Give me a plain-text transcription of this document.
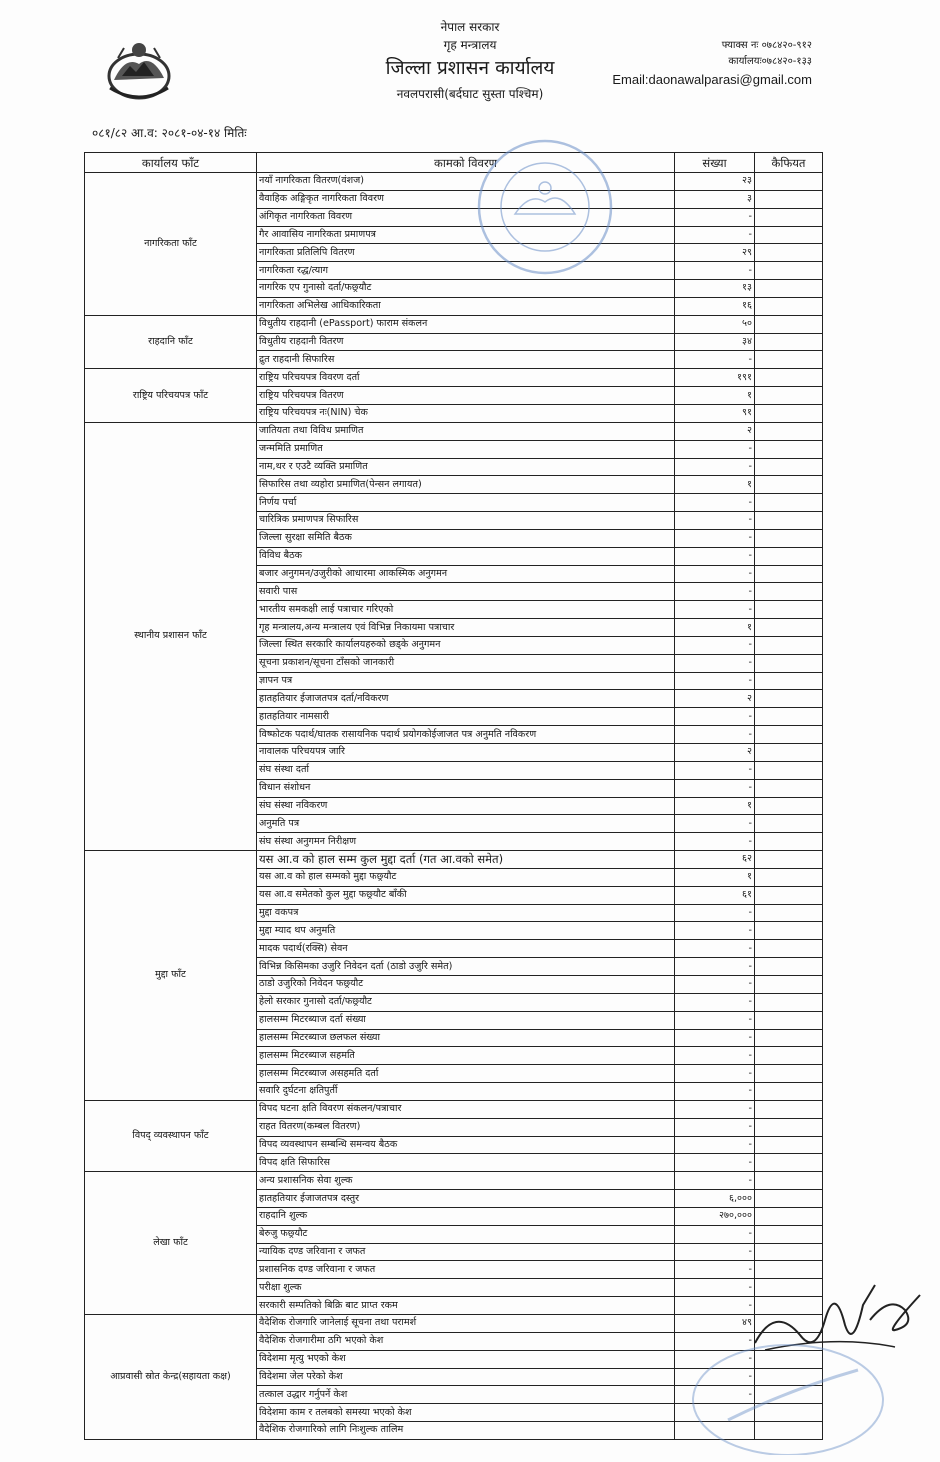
नेपाल सरकार
गृह मन्त्रालय
जिल्ला प्रशासन कार्यालय
नवलपरासी(बर्दघाट सुस्ता पश्चिम)
फ्याक्स नः ०७८४२०-९१२
कार्यालयः०७८४२०-१३३
Email:daonawalparasi@gmail.com
०८१/८२ आ.व: २०८१-०४-१४ मितिः
कार्यालय फाँट	कामको विवरण	संख्या	कैफियत
नागरिकता फाँट	नयाँ नागरिकता वितरण(वंशज)	२३	
	वैवाहिक अङ्गिकृत नागरिकता विवरण	३	
	अंगिकृत नागरिकता विवरण	-	
	गैर आवासिय नागरिकता प्रमाणपत्र	-	
	नागरिकता प्रतिलिपि वितरण	२९	
	नागरिकता रद्ध/त्याग	-	
	नागरिक एप गुनासो दर्ता/फछ्र्यौट	१३	
	नागरिकता अभिलेख आधिकारिकता	१६	
राहदानि फाँट	विधुतीय राहदानी (ePassport) फाराम संकलन	५०	
	विधुतीय राहदानी वितरण	३४	
	द्रुत राहदानी सिफारिस	-	
राष्ट्रिय परिचयपत्र फाँट	राष्ट्रिय परिचयपत्र विवरण दर्ता	१९१	
	राष्ट्रिय परिचयपत्र वितरण	१	
	राष्ट्रिय परिचयपत्र नः(NIN) चेक	९१	
स्थानीय प्रशासन फाँट	जातियता तथा विविध प्रमाणित	२	
	जन्ममिति प्रमाणित	-	
	नाम,थर र एउटै व्यक्ति प्रमाणित	-	
	सिफारिस तथा व्यहोरा प्रमाणित(पेन्सन लगायत)	१	
	निर्णय पर्चा	-	
	चारित्रिक प्रमाणपत्र सिफारिस	-	
	जिल्ला सुरक्षा समिति बैठक	-	
	विविध बैठक	-	
	बजार अनुगमन/उजुरीको आधारमा आकस्मिक अनुगमन	-	
	सवारी पास	-	
	भारतीय समकक्षी लाई पत्राचार गरिएको	-	
	गृह मन्त्रालय,अन्य मन्त्रालय एवं विभिन्न निकायमा पत्राचार	१	
	जिल्ला स्थित सरकारि कार्यालयहरुको छड्के अनुगमन	-	
	सूचना प्रकाशन/सूचना टाँसको जानकारी	-	
	ज्ञापन पत्र	-	
	हातहतियार ईजाजतपत्र दर्ता/नविकरण	२	
	हातहतियार नामसारी	-	
	विष्फोटक पदार्थ/घातक रासायनिक पदार्थ प्रयोगकोईजाजत पत्र अनुमति नविकरण	-	
	नावालक परिचयपत्र जारि	२	
	संघ संस्था दर्ता	-	
	विधान संशोधन	-	
	संघ संस्था नविकरण	१	
	अनुमति पत्र	-	
	संघ संस्था अनुगमन निरीक्षण	-	
मुद्दा फाँट	यस आ.व को हाल सम्म कुल मुद्दा दर्ता (गत आ.वको समेत)	६२	
	यस आ.व को हाल सम्मको मुद्दा फछ्र्यौट	१	
	यस आ.व समेतको कुल मुद्दा फछ्र्यौट बाँकी	६१	
	मुद्दा वकपत्र	-	
	मुद्दा म्याद थप अनुमति	-	
	मादक पदार्थ(रक्सि) सेवन	-	
	विभिन्न किसिमका उजुरि निवेदन दर्ता (ठाडो उजुरि समेत)	-	
	ठाडो उजुरिको निवेदन फछ्र्यौट	-	
	हेलो सरकार गुनासो दर्ता/फछ्र्यौट	-	
	हालसम्म मिटरब्याज दर्ता संख्या	-	
	हालसम्म मिटरब्याज छलफल संख्या	-	
	हालसम्म मिटरब्याज सहमति	-	
	हालसम्म मिटरब्याज असहमति दर्ता	-	
	सवारि दुर्घटना क्षतिपुर्ती	-	
विपद् व्यवस्थापन फाँट	विपद घटना क्षति विवरण संकलन/पत्राचार	-	
	राहत वितरण(कम्बल वितरण)	-	
	विपद व्यवस्थापन सम्बन्धि समन्वय बैठक	-	
	विपद क्षति सिफारिस	-	
लेखा फाँट	अन्य प्रशासनिक सेवा शुल्क	-	
	हातहतियार ईजाजतपत्र दस्तुर	६,०००	
	राहदानि शुल्क	२७०,०००	
	बेरुजु फछ्र्यौट	-	
	न्यायिक दण्ड जरिवाना र जफत	-	
	प्रशासनिक दण्ड जरिवाना र जफत	-	
	परीक्षा शुल्क	-	
	सरकारी सम्पतिको बिक्रि बाट प्राप्त रकम	-	
आप्रवासी स्रोत केन्द्र(सहायता कक्ष)	वैदेशिक रोजगारि जानेलाई सूचना तथा परामर्श	४९	
	वैदेशिक रोजगारीमा ठगि भएको केश	-	
	विदेशमा मृत्यु भएको केश	-	
	विदेशमा जेल परेको केश	-	
	तत्काल उद्धार गर्नुपर्ने केश	-	
	विदेशमा काम र तलबको समस्या भएको केश		
	वैदेशिक रोजगारिको लागि निःशुल्क तालिम		
